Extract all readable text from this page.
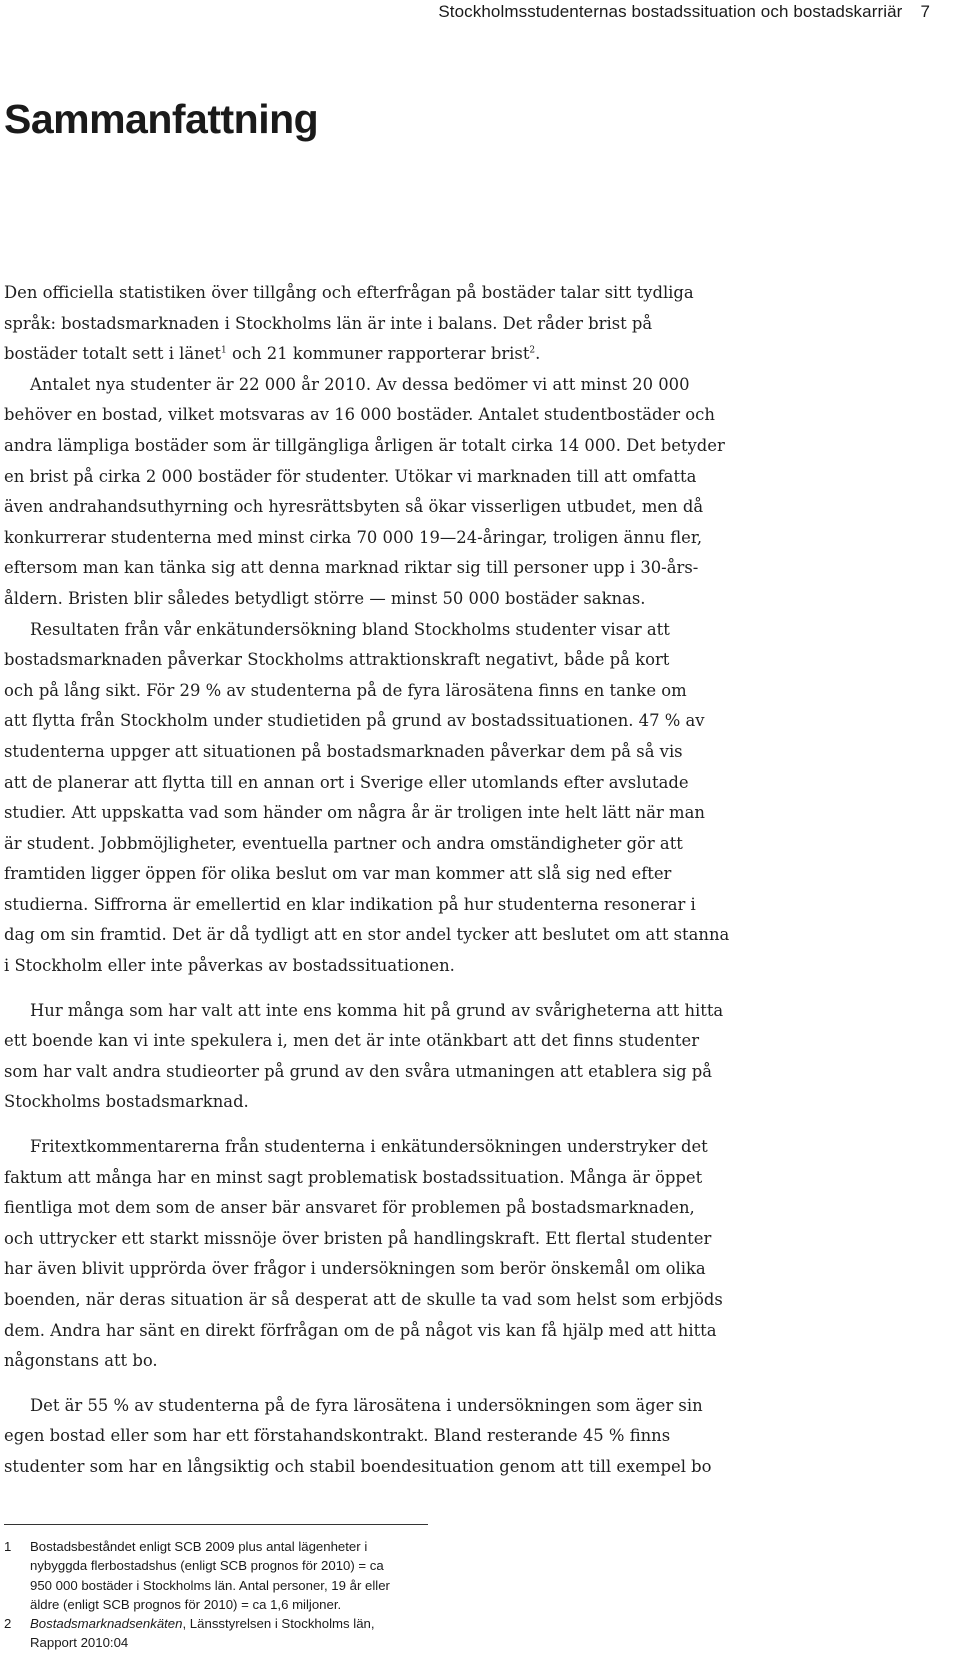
Stockholmsstudenternas bostadssituation och bostadskarriär 7
Sammanfattning

Den officiella statistiken över tillgång och efterfrågan på bostäder talar sitt tydliga
språk: bostadsmarknaden i Stockholms län är inte i balans. Det råder brist på
bostäder totalt sett i länet$^1$ och 21 kommuner rapporterar brist$^2$.

Antalet nya studenter är 22 000 år 2010. Av dessa bedömer vi att minst 20 000
behöver en bostad, vilket motsvaras av 16 000 bostäder. Antalet studentbostäder och
andra lämpliga bostäder som är tillgängliga årligen är totalt cirka 14 000. Det betyder
en brist på cirka 2 000 bostäder för studenter. Utökar vi marknaden till att omfatta
även andrahandsuthyrning och hyresrättsbyten så ökar visserligen utbudet, men då
konkurrerar studenterna med minst cirka 70 000 19—24-åringar, troligen ännu fler,
eftersom man kan tänka sig att denna marknad riktar sig till personer upp i 30-års-
åldern. Bristen blir således betydligt större — minst 50 000 bostäder saknas.

Resultaten från vår enkätundersökning bland Stockholms studenter visar att
bostadsmarknaden påverkar Stockholms attraktionskraft negativt, både på kort
och på lång sikt. För 29 % av studenterna på de fyra lärosätena finns en tanke om
att flytta från Stockholm under studietiden på grund av bostadssituationen. 47 % av
studenterna uppger att situationen på bostadsmarknaden påverkar dem på så vis
att de planerar att flytta till en annan ort i Sverige eller utomlands efter avslutade
studier. Att uppskatta vad som händer om några år är troligen inte helt lätt när man
är student. Jobbmöjligheter, eventuella partner och andra omständigheter gör att
framtiden ligger öppen för olika beslut om var man kommer att slå sig ned efter
studierna. Siffrorna är emellertid en klar indikation på hur studenterna resonerar i
dag om sin framtid. Det är då tydligt att en stor andel tycker att beslutet om att stanna
i Stockholm eller inte påverkas av bostadssituationen.

Hur många som har valt att inte ens komma hit på grund av svårigheterna att hitta
ett boende kan vi inte spekulera i, men det är inte otänkbart att det finns studenter
som har valt andra studieorter på grund av den svåra utmaningen att etablera sig på
Stockholms bostadsmarknad.

Fritextkommentarerna från studenterna i enkätundersökningen understryker det
faktum att många har en minst sagt problematisk bostadssituation. Många är öppet
fientliga mot dem som de anser bär ansvaret för problemen på bostadsmarknaden,
och uttrycker ett starkt missnöje över bristen på handlingskraft. Ett flertal studenter
har även blivit upprörda över frågor i undersökningen som berör önskemål om olika
boenden, när deras situation är så desperat att de skulle ta vad som helst som erbjöds
dem. Andra har sänt en direkt förfrågan om de på något vis kan få hjälp med att hitta
någonstans att bo.

Det är 55 % av studenterna på de fyra lärosätena i undersökningen som äger sin
egen bostad eller som har ett förstahandskontrakt. Bland resterande 45 % finns
studenter som har en långsiktig och stabil boendesituation genom att till exempel bo

1 Bostadsbeståndet enligt SCB 2009 plus antal lägenheter i
nybyggda flerbostadshus (enligt SCB prognos för 2010) = ca
950 000 bostäder i Stockholms län. Antal personer, 19 år eller
äldre (enligt SCB prognos för 2010) = ca 1,6 miljoner.
2 Bostadsmarknadsenkäten, Länsstyrelsen i Stockholms län,
Rapport 2010:04
